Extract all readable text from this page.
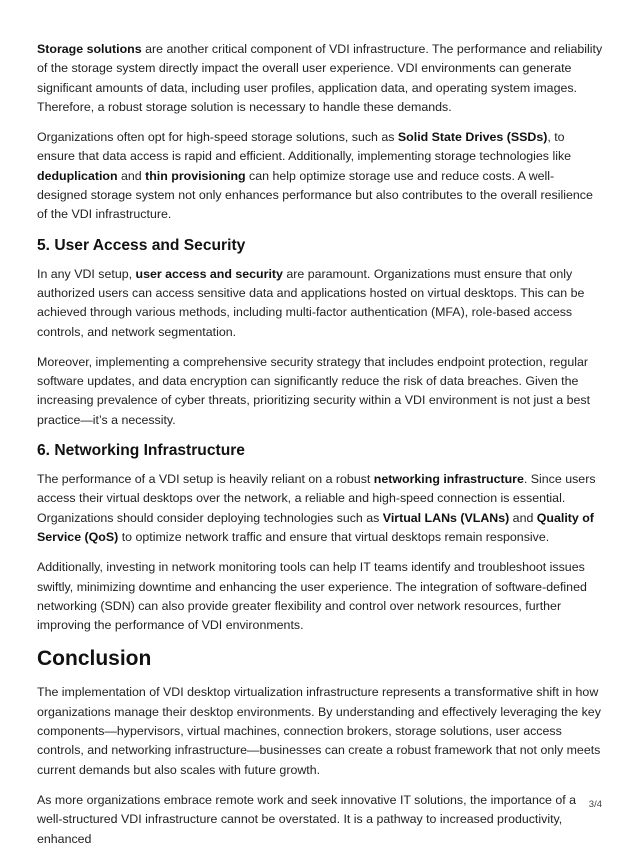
Storage solutions are another critical component of VDI infrastructure. The performance and reliability of the storage system directly impact the overall user experience. VDI environments can generate significant amounts of data, including user profiles, application data, and operating system images. Therefore, a robust storage solution is necessary to handle these demands.

Organizations often opt for high-speed storage solutions, such as Solid State Drives (SSDs), to ensure that data access is rapid and efficient. Additionally, implementing storage technologies like deduplication and thin provisioning can help optimize storage use and reduce costs. A well-designed storage system not only enhances performance but also contributes to the overall resilience of the VDI infrastructure.

5. User Access and Security

In any VDI setup, user access and security are paramount. Organizations must ensure that only authorized users can access sensitive data and applications hosted on virtual desktops. This can be achieved through various methods, including multi-factor authentication (MFA), role-based access controls, and network segmentation.

Moreover, implementing a comprehensive security strategy that includes endpoint protection, regular software updates, and data encryption can significantly reduce the risk of data breaches. Given the increasing prevalence of cyber threats, prioritizing security within a VDI environment is not just a best practice—it’s a necessity.

6. Networking Infrastructure

The performance of a VDI setup is heavily reliant on a robust networking infrastructure. Since users access their virtual desktops over the network, a reliable and high-speed connection is essential. Organizations should consider deploying technologies such as Virtual LANs (VLANs) and Quality of Service (QoS) to optimize network traffic and ensure that virtual desktops remain responsive.

Additionally, investing in network monitoring tools can help IT teams identify and troubleshoot issues swiftly, minimizing downtime and enhancing the user experience. The integration of software-defined networking (SDN) can also provide greater flexibility and control over network resources, further improving the performance of VDI environments.

Conclusion

The implementation of VDI desktop virtualization infrastructure represents a transformative shift in how organizations manage their desktop environments. By understanding and effectively leveraging the key components—hypervisors, virtual machines, connection brokers, storage solutions, user access controls, and networking infrastructure—businesses can create a robust framework that not only meets current demands but also scales with future growth.

As more organizations embrace remote work and seek innovative IT solutions, the importance of a well-structured VDI infrastructure cannot be overstated. It is a pathway to increased productivity, enhanced

3/4
